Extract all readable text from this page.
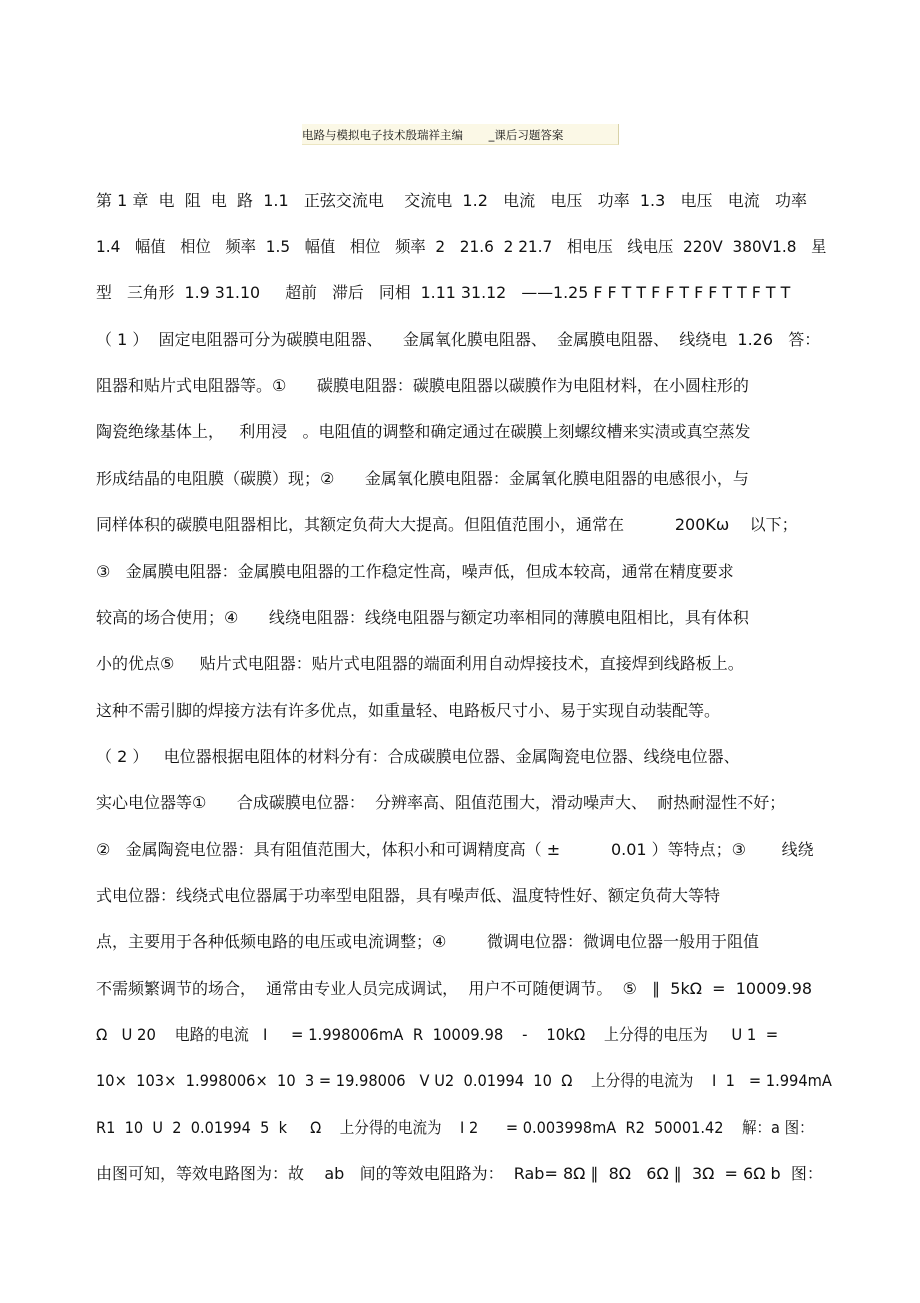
电路与模拟电子技术殷瑞祥主编       _课后习题答案
第 1 章  电  阻  电  路  1.1   正弦交流电    交流电  1.2   电流   电压   功率  1.3   电压   电流   功率
1.4   幅值   相位   频率  1.5   幅值   相位   频率  2   21.6  2 21.7   相电压   线电压  220V  380V1.8   星
型   三角形  1.9 31.10     超前   滞后   同相  1.11 31.12   ——1.25 F F T T F F T F F T T F T T
（ 1 ）  固定电阻器可分为碳膜电阻器、    金属氧化膜电阻器、  金属膜电阻器、  线绕电  1.26   答：
阻器和贴片式电阻器等。①      碳膜电阻器：碳膜电阻器以碳膜作为电阻材料，在小圆柱形的
陶瓷绝缘基体上，   利用浸   。电阻值的调整和确定通过在碳膜上刻螺纹槽来实渍或真空蒸发
形成结晶的电阻膜（碳膜）现；②      金属氧化膜电阻器：金属氧化膜电阻器的电感很小，与
同样体积的碳膜电阻器相比，其额定负荷大大提高。但阻值范围小，通常在          200Kω    以下；
③   金属膜电阻器：金属膜电阻器的工作稳定性高，噪声低，但成本较高，通常在精度要求
较高的场合使用；④      线绕电阻器：线绕电阻器与额定功率相同的薄膜电阻相比，具有体积
小的优点⑤     贴片式电阻器：贴片式电阻器的端面利用自动焊接技术，直接焊到线路板上。
这种不需引脚的焊接方法有许多优点，如重量轻、电路板尺寸小、易于实现自动装配等。
（ 2 ）   电位器根据电阻体的材料分有：合成碳膜电位器、金属陶瓷电位器、线绕电位器、
实心电位器等①      合成碳膜电位器：  分辨率高、阻值范围大，滑动噪声大、  耐热耐湿性不好；
②   金属陶瓷电位器：具有阻值范围大，体积小和可调精度高（ ±          0.01 ）等特点；③       线绕
式电位器：线绕式电位器属于功率型电阻器，具有噪声低、温度特性好、额定负荷大等特
点，主要用于各种低频电路的电压或电流调整；④        微调电位器：微调电位器一般用于阻值
不需频繁调节的场合，  通常由专业人员完成调试，  用户不可随便调节。  ⑤   ∥  5kΩ  =  10009.98
Ω   U 20    电路的电流   I     = 1.998006mA  R  10009.98    -    10kΩ    上分得的电压为     U 1  =
10×  103×  1.998006×  10  3 = 19.98006   V U2  0.01994  10  Ω    上分得的电流为    I  1   = 1.994mA
R1  10  U  2  0.01994  5  k     Ω    上分得的电流为    I 2      = 0.003998mA  R2  50001.42    解：a 图：
由图可知，等效电路图为：故    ab   间的等效电阻路为：  Rab= 8Ω ∥  8Ω   6Ω ∥  3Ω  = 6Ω b  图：
